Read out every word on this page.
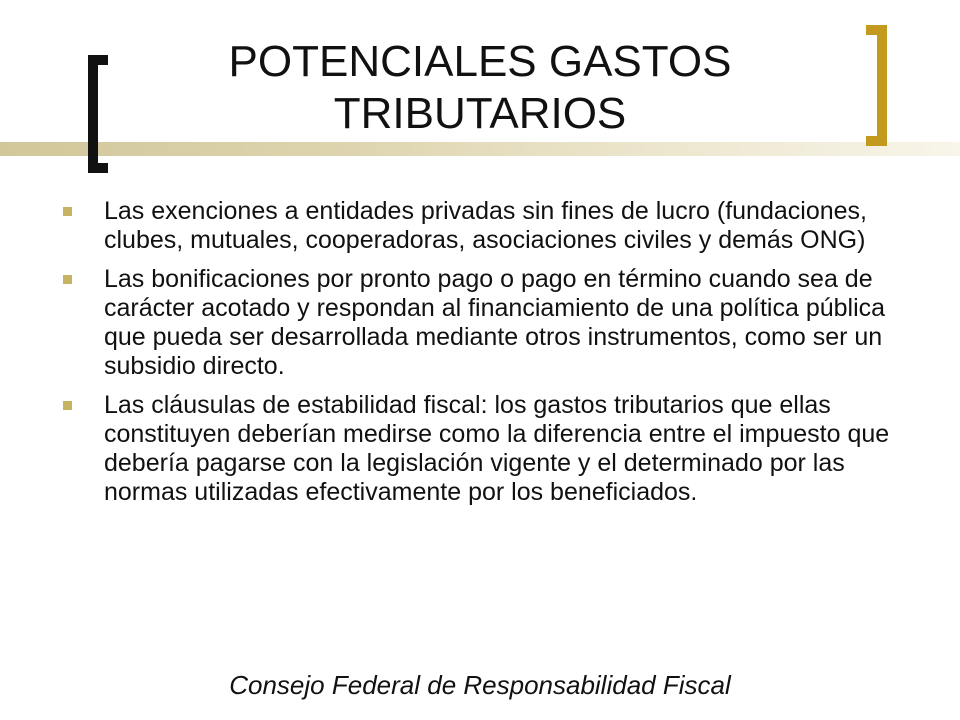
POTENCIALES GASTOS TRIBUTARIOS
Las exenciones a entidades privadas sin fines de lucro (fundaciones, clubes, mutuales, cooperadoras, asociaciones civiles y demás ONG)
Las bonificaciones por pronto pago o pago en término cuando sea de carácter acotado y respondan al financiamiento de una política pública que pueda ser desarrollada mediante otros instrumentos, como ser un subsidio directo.
Las cláusulas de estabilidad fiscal: los gastos tributarios que ellas constituyen deberían medirse como la diferencia entre el impuesto que debería pagarse con la legislación vigente y el determinado por las normas utilizadas efectivamente por los beneficiados.

Consejo Federal de Responsabilidad Fiscal
